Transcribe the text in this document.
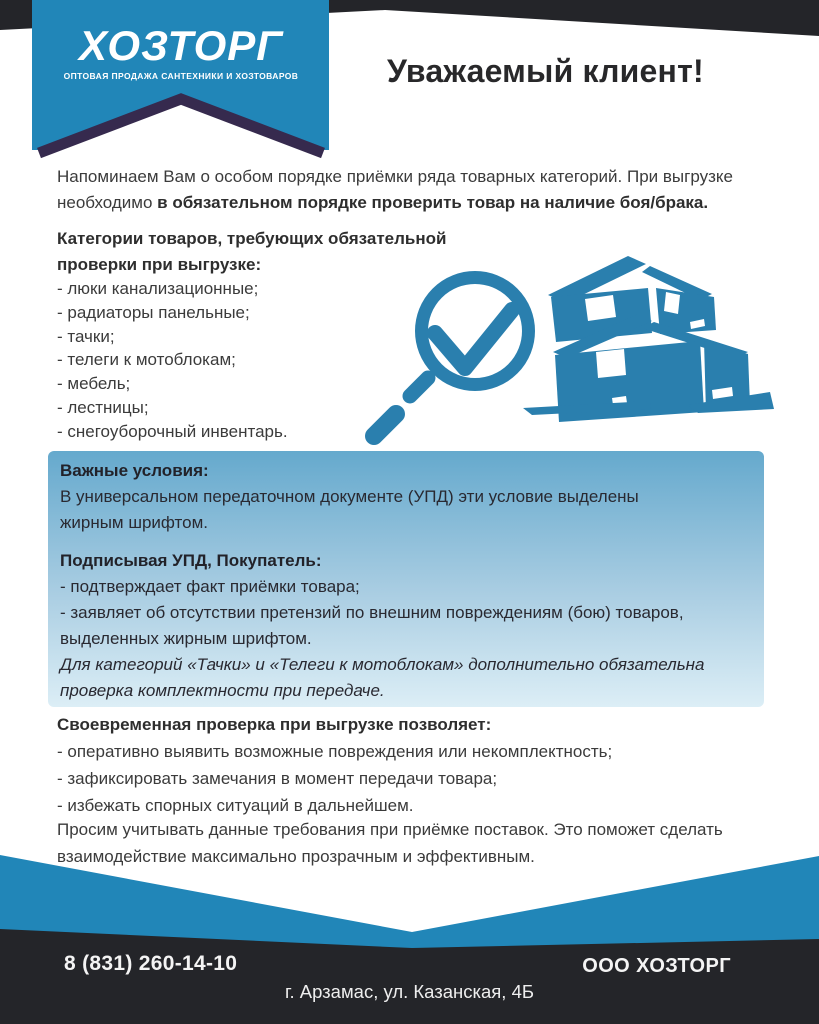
ХОЗТОРГ
ОПТОВАЯ ПРОДАЖА САНТЕХНИКИ И ХОЗТОВАРОВ	Уважаемый клиент!
Напоминаем Вам о особом порядке приёмки ряда товарных категорий. При выгрузке необходимо в обязательном порядке проверить товар на наличие боя/брака.
Категории товаров, требующих обязательной проверки при выгрузке:
- люки канализационные;
- радиаторы панельные;
- тачки;
- телеги к мотоблокам;
- мебель;
- лестницы;
- снегоуборочный инвентарь.
Важные условия:
В универсальном передаточном документе (УПД) эти условие выделены жирным шрифтом.
Подписывая УПД, Покупатель:
- подтверждает факт приёмки товара;
- заявляет об отсутствии претензий по внешним повреждениям (бою) товаров, выделенных жирным шрифтом.
Для категорий «Тачки» и «Телеги к мотоблокам» дополнительно обязательна проверка комплектности при передаче.
Своевременная проверка при выгрузке позволяет:
- оперативно выявить возможные повреждения или некомплектность;
- зафиксировать замечания в момент передачи товара;
- избежать спорных ситуаций в дальнейшем.
Просим учитывать данные требования при приёмке поставок. Это поможет сделать взаимодействие максимально прозрачным и эффективным.
8 (831) 260-14-10	ООО ХОЗТОРГ
г. Арзамас, ул. Казанская, 4Б
